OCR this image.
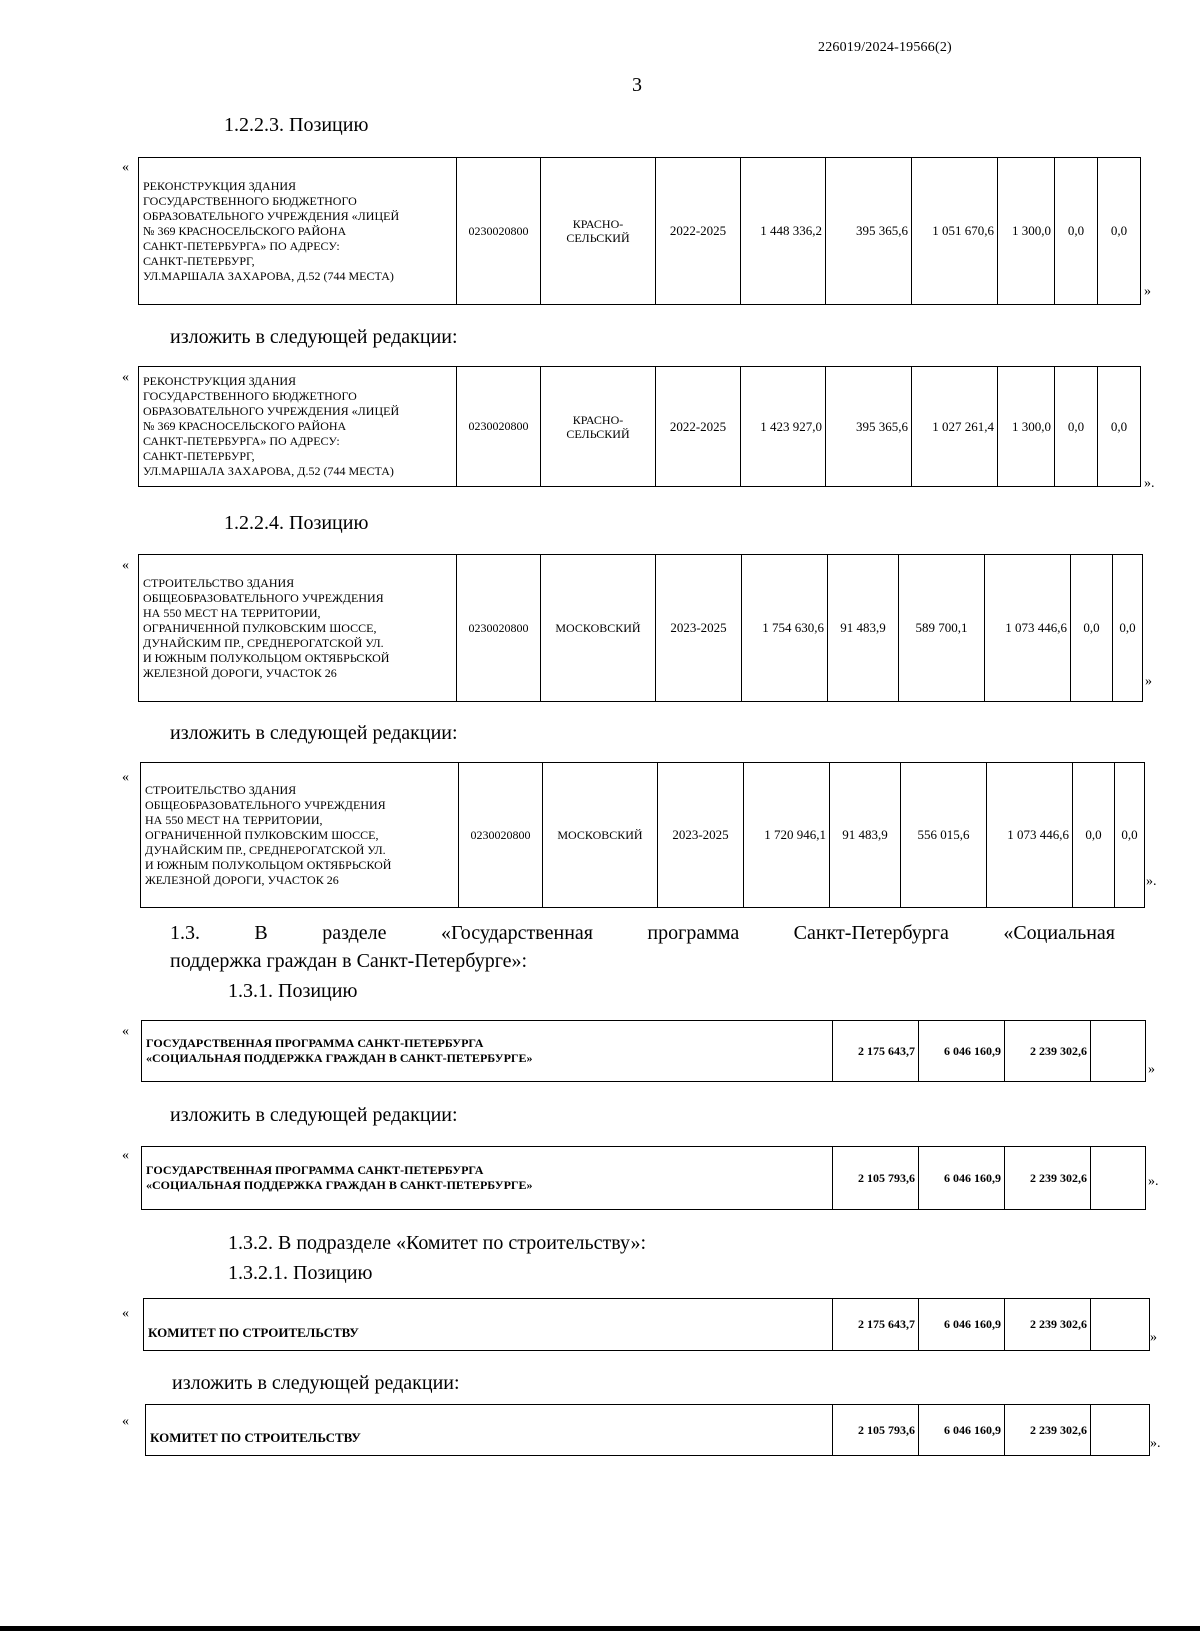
226019/2024-19566(2)
3
1.2.2.3. Позицию
«
РЕКОНСТРУКЦИЯ ЗДАНИЯ
ГОСУДАРСТВЕННОГО БЮДЖЕТНОГО
ОБРАЗОВАТЕЛЬНОГО УЧРЕЖДЕНИЯ «ЛИЦЕЙ
№ 369 КРАСНОСЕЛЬСКОГО РАЙОНА
САНКТ-ПЕТЕРБУРГА» ПО АДРЕСУ:
САНКТ-ПЕТЕРБУРГ,
УЛ.МАРШАЛА ЗАХАРОВА, Д.52 (744 МЕСТА)
	0230020800	КРАСНО-
СЕЛЬСКИЙ	2022-2025	1 448 336,2	395 365,6	1 051 670,6	1 300,0	0,0	0,0
»
изложить в следующей редакции:
« РЕКОНСТРУКЦИЯ ЗДАНИЯ
ГОСУДАРСТВЕННОГО БЮДЖЕТНОГО
ОБРАЗОВАТЕЛЬНОГО УЧРЕЖДЕНИЯ «ЛИЦЕЙ
№ 369 КРАСНОСЕЛЬСКОГО РАЙОНА
САНКТ-ПЕТЕРБУРГА» ПО АДРЕСУ:
САНКТ-ПЕТЕРБУРГ,
УЛ.МАРШАЛА ЗАХАРОВА, Д.52 (744 МЕСТА)
	0230020800	КРАСНО-
СЕЛЬСКИЙ	2022-2025	1 423 927,0	395 365,6	1 027 261,4	1 300,0	0,0	0,0
».
1.2.2.4. Позицию
«
СТРОИТЕЛЬСТВО ЗДАНИЯ
ОБЩЕОБРАЗОВАТЕЛЬНОГО УЧРЕЖДЕНИЯ
НА 550 МЕСТ НА ТЕРРИТОРИИ,
ОГРАНИЧЕННОЙ ПУЛКОВСКИМ ШОССЕ,
ДУНАЙСКИМ ПР., СРЕДНЕРОГАТСКОЙ УЛ.
И ЮЖНЫМ ПОЛУКОЛЬЦОМ ОКТЯБРЬСКОЙ
ЖЕЛЕЗНОЙ ДОРОГИ, УЧАСТОК 26
	0230020800	МОСКОВСКИЙ	2023-2025	1 754 630,6	91 483,9	589 700,1	1 073 446,6	0,0	0,0
»
изложить в следующей редакции:
«
СТРОИТЕЛЬСТВО ЗДАНИЯ
ОБЩЕОБРАЗОВАТЕЛЬНОГО УЧРЕЖДЕНИЯ
НА 550 МЕСТ НА ТЕРРИТОРИИ,
ОГРАНИЧЕННОЙ ПУЛКОВСКИМ ШОССЕ,
ДУНАЙСКИМ ПР., СРЕДНЕРОГАТСКОЙ УЛ.
И ЮЖНЫМ ПОЛУКОЛЬЦОМ ОКТЯБРЬСКОЙ
ЖЕЛЕЗНОЙ ДОРОГИ, УЧАСТОК 26
	0230020800	МОСКОВСКИЙ	2023-2025	1 720 946,1	91 483,9	556 015,6	1 073 446,6	0,0	0,0
».
1.3. В разделе «Государственная программа Санкт-Петербурга «Социальная
поддержка граждан в Санкт-Петербурге»:
1.3.1. Позицию
«
ГОСУДАРСТВЕННАЯ ПРОГРАММА САНКТ-ПЕТЕРБУРГА
«СОЦИАЛЬНАЯ ПОДДЕРЖКА ГРАЖДАН В САНКТ-ПЕТЕРБУРГЕ»
	2 175 643,7	6 046 160,9	2 239 302,6	
»
изложить в следующей редакции:
«
ГОСУДАРСТВЕННАЯ ПРОГРАММА САНКТ-ПЕТЕРБУРГА
«СОЦИАЛЬНАЯ ПОДДЕРЖКА ГРАЖДАН В САНКТ-ПЕТЕРБУРГЕ»
	2 105 793,6	6 046 160,9	2 239 302,6		».
1.3.2. В подразделе «Комитет по строительству»:
1.3.2.1. Позицию
«
КОМИТЕТ ПО СТРОИТЕЛЬСТВУ	2 175 643,7	6 046 160,9	2 239 302,6	
»
изложить в следующей редакции:
«
КОМИТЕТ ПО СТРОИТЕЛЬСТВУ	2 105 793,6	6 046 160,9	2 239 302,6	
».
